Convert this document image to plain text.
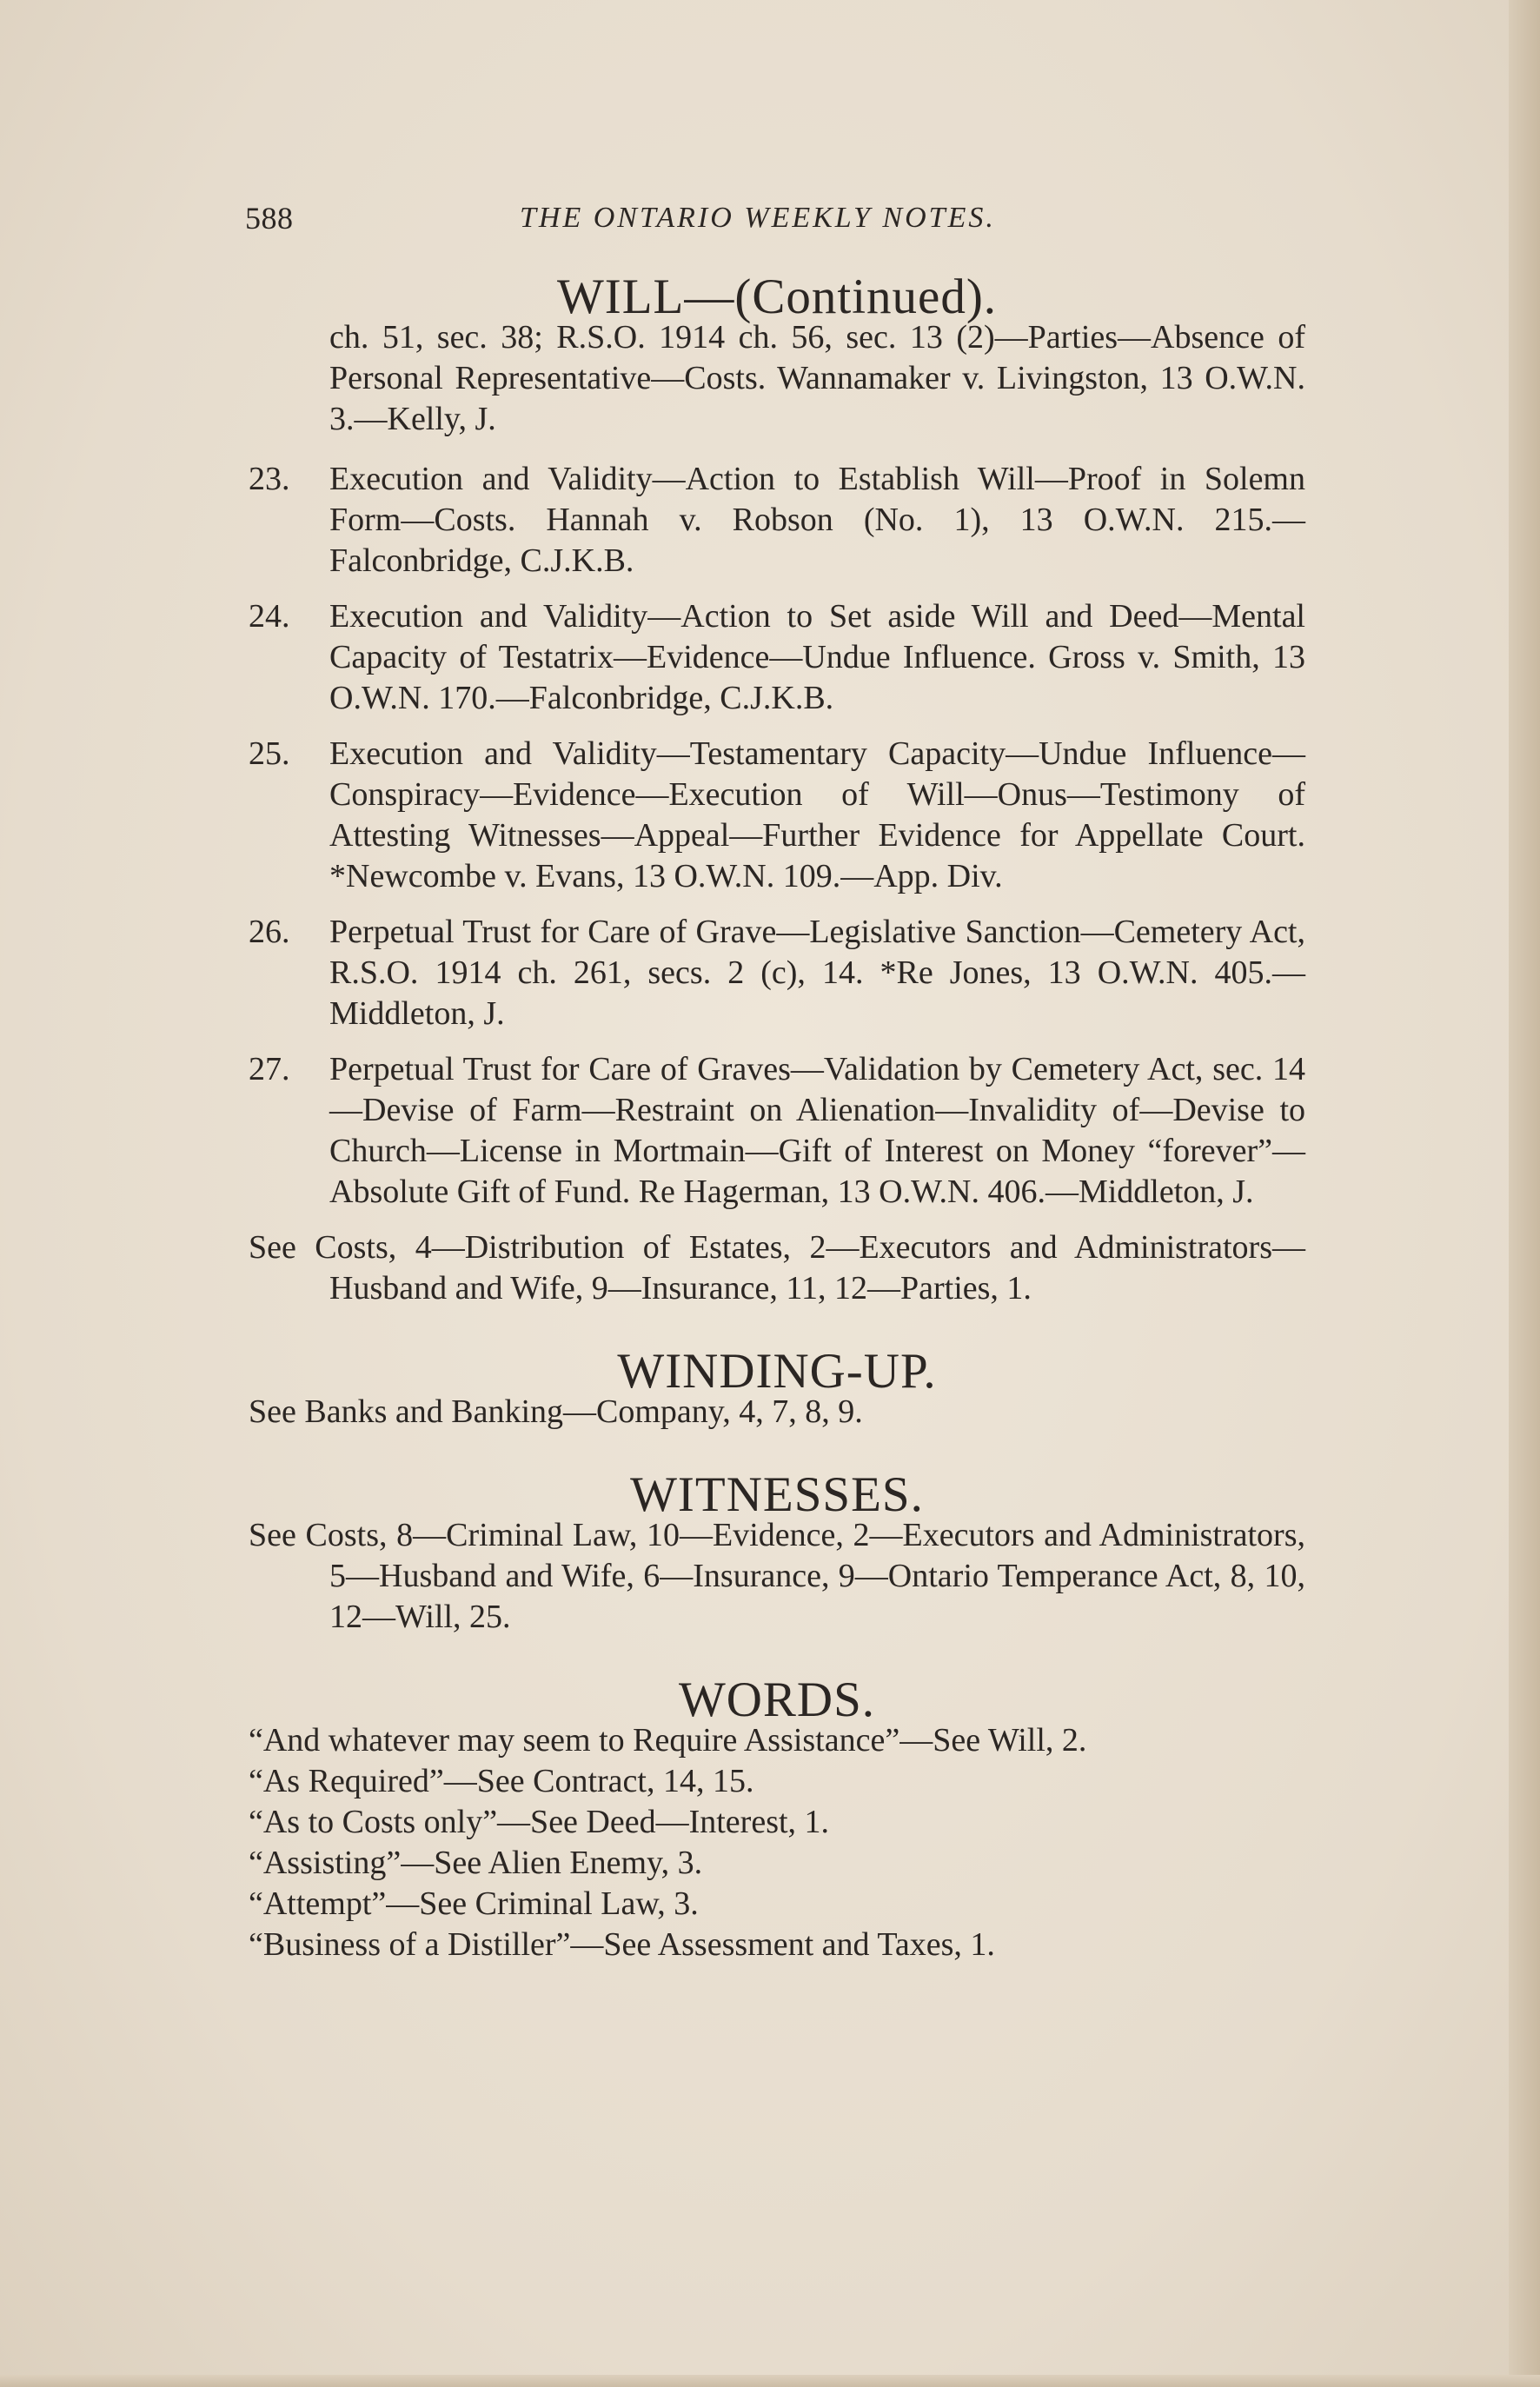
588	THE ONTARIO WEEKLY NOTES.
WILL—(Continued).

ch. 51, sec. 38; R.S.O. 1914 ch. 56, sec. 13 (2)—Parties—Absence of Personal Representative—Costs. Wannamaker v. Livingston, 13 O.W.N. 3.—Kelly, J.

23. Execution and Validity—Action to Establish Will—Proof in Solemn Form—Costs. Hannah v. Robson (No. 1), 13 O.W.N. 215.—Falconbridge, C.J.K.B.

24. Execution and Validity—Action to Set aside Will and Deed—Mental Capacity of Testatrix—Evidence—Undue Influence. Gross v. Smith, 13 O.W.N. 170.—Falconbridge, C.J.K.B.

25. Execution and Validity—Testamentary Capacity—Undue Influence—Conspiracy—Evidence—Execution of Will—Onus—Testimony of Attesting Witnesses—Appeal—Further Evidence for Appellate Court. *Newcombe v. Evans, 13 O.W.N. 109.—App. Div.

26. Perpetual Trust for Care of Grave—Legislative Sanction—Cemetery Act, R.S.O. 1914 ch. 261, secs. 2 (c), 14. *Re Jones, 13 O.W.N. 405.—Middleton, J.

27. Perpetual Trust for Care of Graves—Validation by Cemetery Act, sec. 14—Devise of Farm—Restraint on Alienation—Invalidity of—Devise to Church—License in Mortmain—Gift of Interest on Money “forever”—Absolute Gift of Fund. Re Hagerman, 13 O.W.N. 406.—Middleton, J.

See Costs, 4—Distribution of Estates, 2—Executors and Administrators—Husband and Wife, 9—Insurance, 11, 12—Parties, 1.

WINDING-UP.

See Banks and Banking—Company, 4, 7, 8, 9.

WITNESSES.

See Costs, 8—Criminal Law, 10—Evidence, 2—Executors and Administrators, 5—Husband and Wife, 6—Insurance, 9—Ontario Temperance Act, 8, 10, 12—Will, 25.

WORDS.

“And whatever may seem to Require Assistance”—See Will, 2.

“As Required”—See Contract, 14, 15.

“As to Costs only”—See Deed—Interest, 1.

“Assisting”—See Alien Enemy, 3.

“Attempt”—See Criminal Law, 3.

“Business of a Distiller”—See Assessment and Taxes, 1.
